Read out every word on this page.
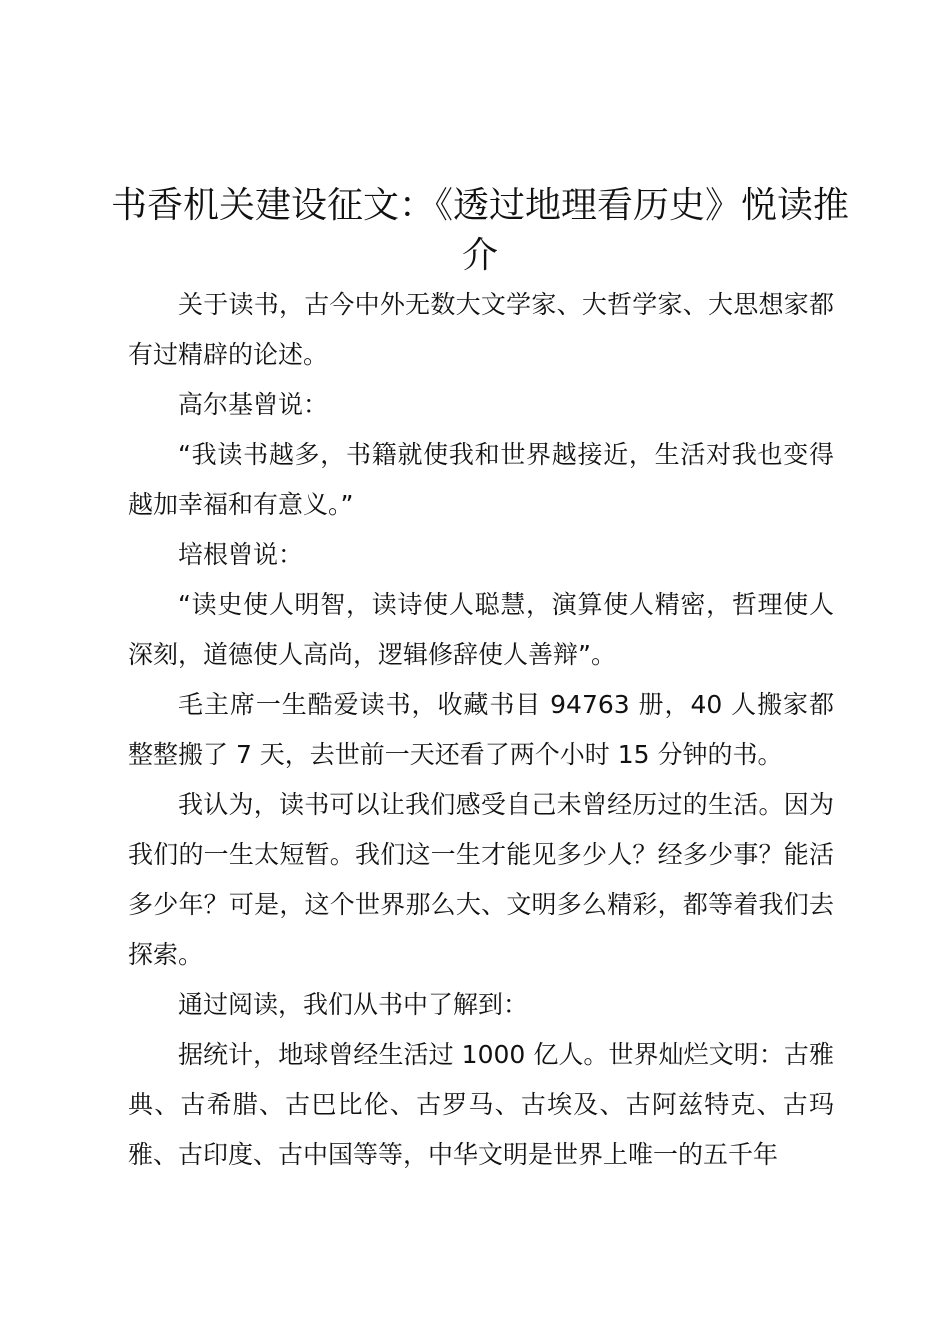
书香机关建设征文：《透过地理看历史》悦读推介

关于读书，古今中外无数大文学家、大哲学家、大思想家都有过精辟的论述。

高尔基曾说：

“我读书越多，书籍就使我和世界越接近，生活对我也变得越加幸福和有意义。”

培根曾说：

“读史使人明智，读诗使人聪慧，演算使人精密，哲理使人深刻，道德使人高尚，逻辑修辞使人善辩”。

毛主席一生酷爱读书，收藏书目 94763 册，40 人搬家都整整搬了 7 天，去世前一天还看了两个小时 15 分钟的书。

我认为，读书可以让我们感受自己未曾经历过的生活。因为我们的一生太短暂。我们这一生才能见多少人？经多少事？能活多少年？可是，这个世界那么大、文明多么精彩，都等着我们去探索。

通过阅读，我们从书中了解到：

据统计，地球曾经生活过 1000 亿人。世界灿烂文明：古雅典、古希腊、古巴比伦、古罗马、古埃及、古阿兹特克、古玛雅、古印度、古中国等等，中华文明是世界上唯一的五千年
